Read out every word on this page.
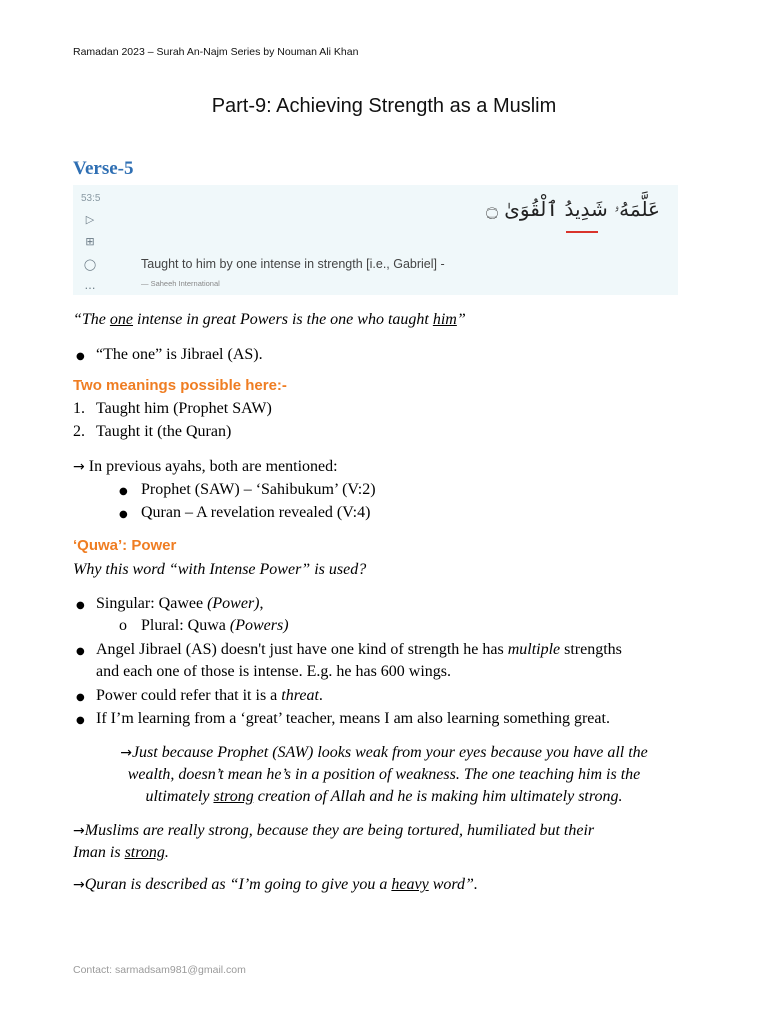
Ramadan 2023 – Surah An-Najm Series by Nouman Ali Khan
Part-9: Achieving Strength as a Muslim
Verse-5
53:5
▷
⊞
◯
…
عَلَّمَهُۥ شَدِيدُ ٱلْقُوَىٰ ۝
Taught to him by one intense in strength [i.e., Gabriel] -
— Saheeh International
“The one intense in great Powers is the one who taught him”
● “The one” is Jibrael (AS).
Two meanings possible here:-
1. Taught him (Prophet SAW)
2. Taught it (the Quran)
→ In previous ayahs, both are mentioned:
● Prophet (SAW) – ‘Sahibukum’ (V:2)
● Quran – A revelation revealed (V:4)
‘Quwa’: Power
Why this word “with Intense Power” is used?
● Singular: Qawee (Power),
o Plural: Quwa (Powers)
● Angel Jibrael (AS) doesn't just have one kind of strength he has multiple strengths
and each one of those is intense. E.g. he has 600 wings.
● Power could refer that it is a threat.
● If I’m learning from a ‘great’ teacher, means I am also learning something great.
→Just because Prophet (SAW) looks weak from your eyes because you have all the
wealth, doesn’t mean he’s in a position of weakness. The one teaching him is the
ultimately strong creation of Allah and he is making him ultimately strong.
→Muslims are really strong, because they are being tortured, humiliated but their
Iman is strong.
→Quran is described as “I’m going to give you a heavy word”.
Contact: sarmadsam981@gmail.com
